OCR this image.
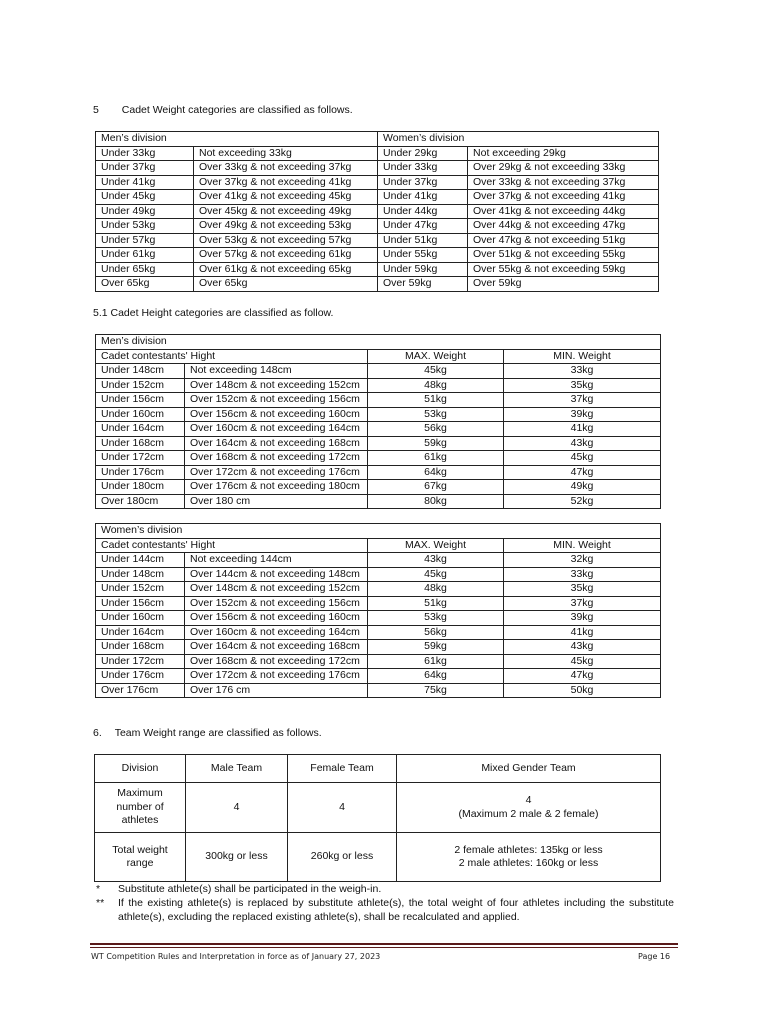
5 Cadet Weight categories are classified as follows.
Men’s division		Women’s division	
Under 33kg	Not exceeding 33kg	Under 29kg	Not exceeding 29kg
Under 37kg	Over 33kg & not exceeding 37kg	Under 33kg	Over 29kg & not exceeding 33kg
Under 41kg	Over 37kg & not exceeding 41kg	Under 37kg	Over 33kg & not exceeding 37kg
Under 45kg	Over 41kg & not exceeding 45kg	Under 41kg	Over 37kg & not exceeding 41kg
Under 49kg	Over 45kg & not exceeding 49kg	Under 44kg	Over 41kg & not exceeding 44kg
Under 53kg	Over 49kg & not exceeding 53kg	Under 47kg	Over 44kg & not exceeding 47kg
Under 57kg	Over 53kg & not exceeding 57kg	Under 51kg	Over 47kg & not exceeding 51kg
Under 61kg	Over 57kg & not exceeding 61kg	Under 55kg	Over 51kg & not exceeding 55kg
Under 65kg	Over 61kg & not exceeding 65kg	Under 59kg	Over 55kg & not exceeding 59kg
Over 65kg	Over 65kg	Over 59kg	Over 59kg
5.1 Cadet Height categories are classified as follow.
Men’s division			
Cadet contestants' Hight		MAX. Weight	MIN. Weight
Under 148cm	Not exceeding 148cm	45kg	33kg
Under 152cm	Over 148cm & not exceeding 152cm	48kg	35kg
Under 156cm	Over 152cm & not exceeding 156cm	51kg	37kg
Under 160cm	Over 156cm & not exceeding 160cm	53kg	39kg
Under 164cm	Over 160cm & not exceeding 164cm	56kg	41kg
Under 168cm	Over 164cm & not exceeding 168cm	59kg	43kg
Under 172cm	Over 168cm & not exceeding 172cm	61kg	45kg
Under 176cm	Over 172cm & not exceeding 176cm	64kg	47kg
Under 180cm	Over 176cm & not exceeding 180cm	67kg	49kg
Over 180cm	Over 180 cm	80kg	52kg
Women’s division			
Cadet contestants' Hight		MAX. Weight	MIN. Weight
Under 144cm	Not exceeding 144cm	43kg	32kg
Under 148cm	Over 144cm & not exceeding 148cm	45kg	33kg
Under 152cm	Over 148cm & not exceeding 152cm	48kg	35kg
Under 156cm	Over 152cm & not exceeding 156cm	51kg	37kg
Under 160cm	Over 156cm & not exceeding 160cm	53kg	39kg
Under 164cm	Over 160cm & not exceeding 164cm	56kg	41kg
Under 168cm	Over 164cm & not exceeding 168cm	59kg	43kg
Under 172cm	Over 168cm & not exceeding 172cm	61kg	45kg
Under 176cm	Over 172cm & not exceeding 176cm	64kg	47kg
Over 176cm	Over 176 cm	75kg	50kg
6. Team Weight range are classified as follows.
Division	Male Team	Female Team	Mixed Gender Team
Maximum number of athletes	4	4	4
(Maximum 2 male & 2 female)

Total weight range	300kg or less	260kg or less	2 female athletes: 135kg or less
2 male athletes: 160kg or less
* Substitute athlete(s) shall be participated in the weigh-in.
** If the existing athlete(s) is replaced by substitute athlete(s), the total weight of four athletes including the substitute athlete(s), excluding the replaced existing athlete(s), shall be recalculated and applied.
WT Competition Rules and Interpretation in force as of January 27, 2023	Page 16
